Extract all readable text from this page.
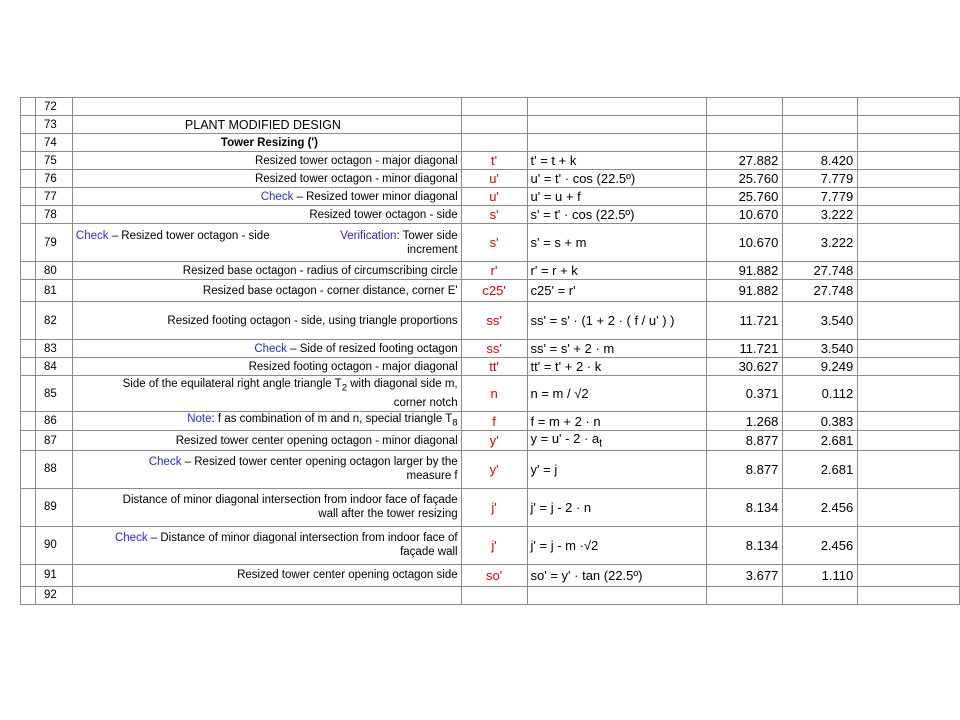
	72						
	73	PLANT MODIFIED DESIGN					
	74	Tower Resizing (')					
	75	Resized tower octagon - major diagonal	t'	t' = t + k	27.882	8.420	
	76	Resized tower octagon - minor diagonal	u'	u' = t' · cos (22.5º)	25.760	7.779	
	77	Check – Resized tower minor diagonal	u'	u' = u + f	25.760	7.779	
	78	Resized tower octagon - side	s'	s' = t' · cos (22.5º)	10.670	3.222	
	79	Check – Resized tower octagon - side Verification: Tower side
increment	s'	s' = s + m	10.670	3.222	
	80	Resized base octagon - radius of circumscribing circle	r'	r' = r + k	91.882	27.748	
	81	Resized base octagon - corner distance, corner E'	c25'	c25' = r'	91.882	27.748	
	82	Resized footing octagon - side, using triangle proportions	ss'	ss' = s' · (1 + 2 · ( f / u' ) )	11.721	3.540	
	83	Check – Side of resized footing octagon	ss'	ss' = s' + 2 · m	11.721	3.540	
	84	Resized footing octagon - major diagonal	tt'	tt' = t' + 2 · k	30.627	9.249	
	85	Side of the equilateral right angle triangle $T_2$ with diagonal side m,
corner notch	n	n = m / √2	0.371	0.112	
	86	Note: f as combination of m and n, special triangle $T_8$	f	f = m + 2 · n	1.268	0.383	
	87	Resized tower center opening octagon - minor diagonal	y'	$y = u' - 2 \cdot a_t$	8.877	2.681	
	88	Check – Resized tower center opening octagon larger by the
measure f	y'	y' = j	8.877	2.681	
	89	Distance of minor diagonal intersection from indoor face of façade
wall after the tower resizing	j'	j' = j - 2 · n	8.134	2.456	
	90	Check – Distance of minor diagonal intersection from indoor face of
façade wall	j'	j' = j - m ·√2	8.134	2.456	
	91	Resized tower center opening octagon side	so'	so' = y' · tan (22.5º)	3.677	1.110	
	92						
